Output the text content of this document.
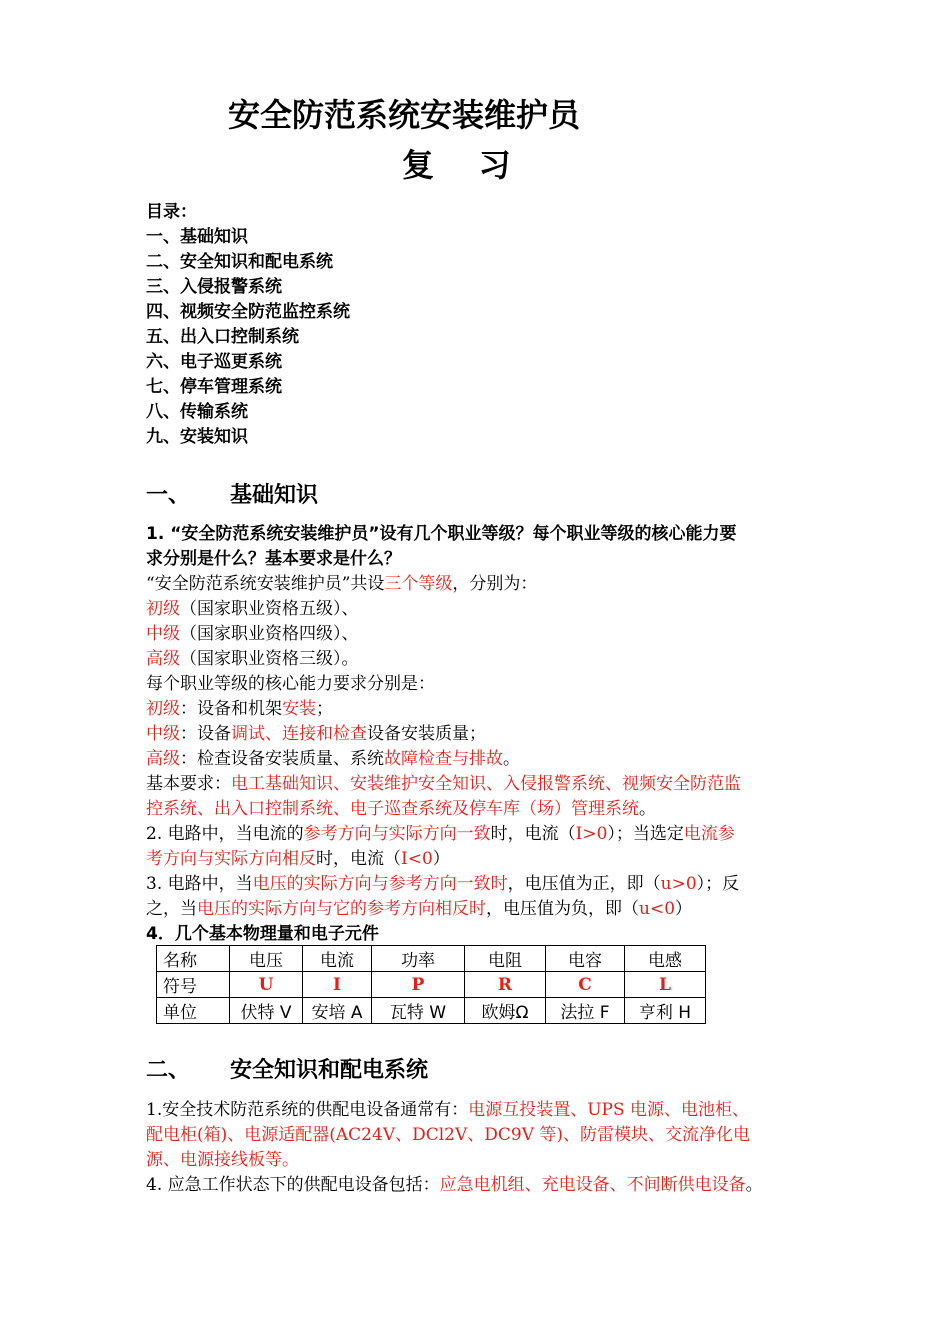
安全防范系统安装维护员
复    习
目录：
一、基础知识
二、安全知识和配电系统
三、入侵报警系统
四、视频安全防范监控系统
五、出入口控制系统
六、电子巡更系统
七、停车管理系统
八、传输系统
九、安装知识
一、 基础知识
1. “安全防范系统安装维护员”设有几个职业等级？每个职业等级的核心能力要
求分别是什么？基本要求是什么？
“安全防范系统安装维护员”共设三个等级，分别为：
初级（国家职业资格五级）、
中级（国家职业资格四级）、
高级（国家职业资格三级）。
每个职业等级的核心能力要求分别是：
初级：设备和机架安装；
中级：设备调试、连接和检查设备安装质量；
高级：检查设备安装质量、系统故障检查与排故。
基本要求：电工基础知识、安装维护安全知识、入侵报警系统、视频安全防范监
控系统、出入口控制系统、电子巡查系统及停车库（场）管理系统。
2. 电路中，当电流的参考方向与实际方向一致时，电流（I>0）；当选定电流参
考方向与实际方向相反时，电流（I<0）
3. 电路中，当电压的实际方向与参考方向一致时，电压值为正，即（u>0）；反
之，当电压的实际方向与它的参考方向相反时，电压值为负，即（u<0）
4．几个基本物理量和电子元件
名称	电压	电流	功率	电阻	电容	电感
符号	U	I	P	R	C	L
单位	伏特 V	安培 A	瓦特 W	欧姆Ω	法拉 F	亨利 H
二、 安全知识和配电系统
1.安全技术防范系统的供配电设备通常有：电源互投装置、UPS 电源、电池柜、
配电柜(箱)、电源适配器(AC24V、DCl2V、DC9V 等)、防雷模块、交流净化电
源、电源接线板等。
4. 应急工作状态下的供配电设备包括：应急电机组、充电设备、不间断供电设备。
